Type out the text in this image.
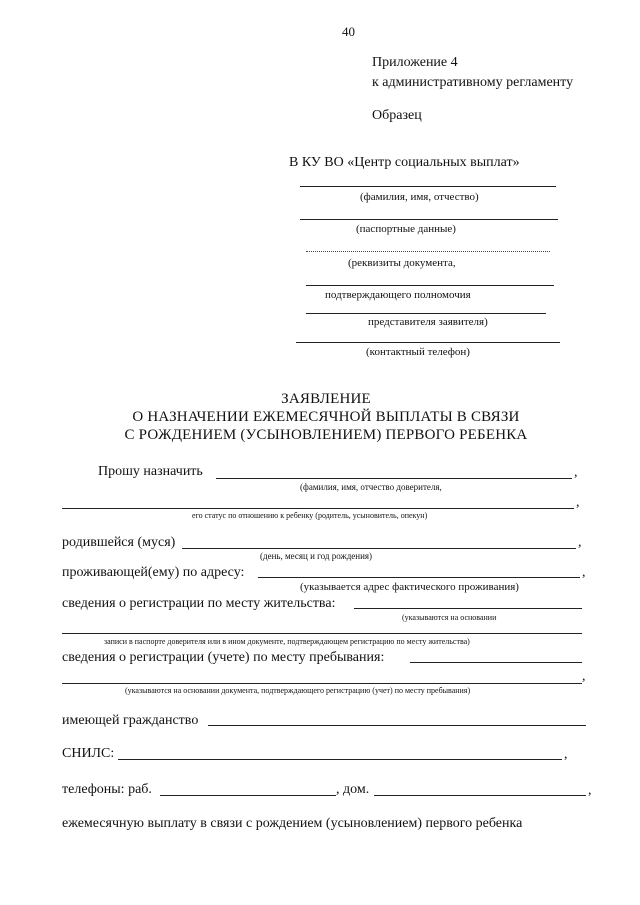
40
Приложение 4
к административному регламенту
Образец
В КУ ВО «Центр социальных выплат»
(фамилия, имя, отчество)
(паспортные данные)
(реквизиты документа,
подтверждающего полномочия
представителя заявителя)
(контактный телефон)
ЗАЯВЛЕНИЕ
О НАЗНАЧЕНИИ ЕЖЕМЕСЯЧНОЙ ВЫПЛАТЫ В СВЯЗИ
С РОЖДЕНИЕМ (УСЫНОВЛЕНИЕМ) ПЕРВОГО РЕБЕНКА
Прошу назначить	,
(фамилия, имя, отчество доверителя,
,
его статус по отношению к ребенку (родитель, усыновитель, опекун)
родившейся (муся)	,
(день, месяц и год рождения)
проживающей(ему) по адресу:	,
(указывается адрес фактического проживания)
сведения о регистрации по месту жительства:
(указываются на основании
записи в паспорте доверителя или в ином документе, подтверждающем регистрацию по месту жительства)
сведения о регистрации (учете) по месту пребывания:
,
(указываются на основании документа, подтверждающего регистрацию (учет) по месту пребывания)
имеющей гражданство
СНИЛС:	,
телефоны: раб.	, дом.	,
ежемесячную выплату в связи с рождением (усыновлением) первого ребенка
